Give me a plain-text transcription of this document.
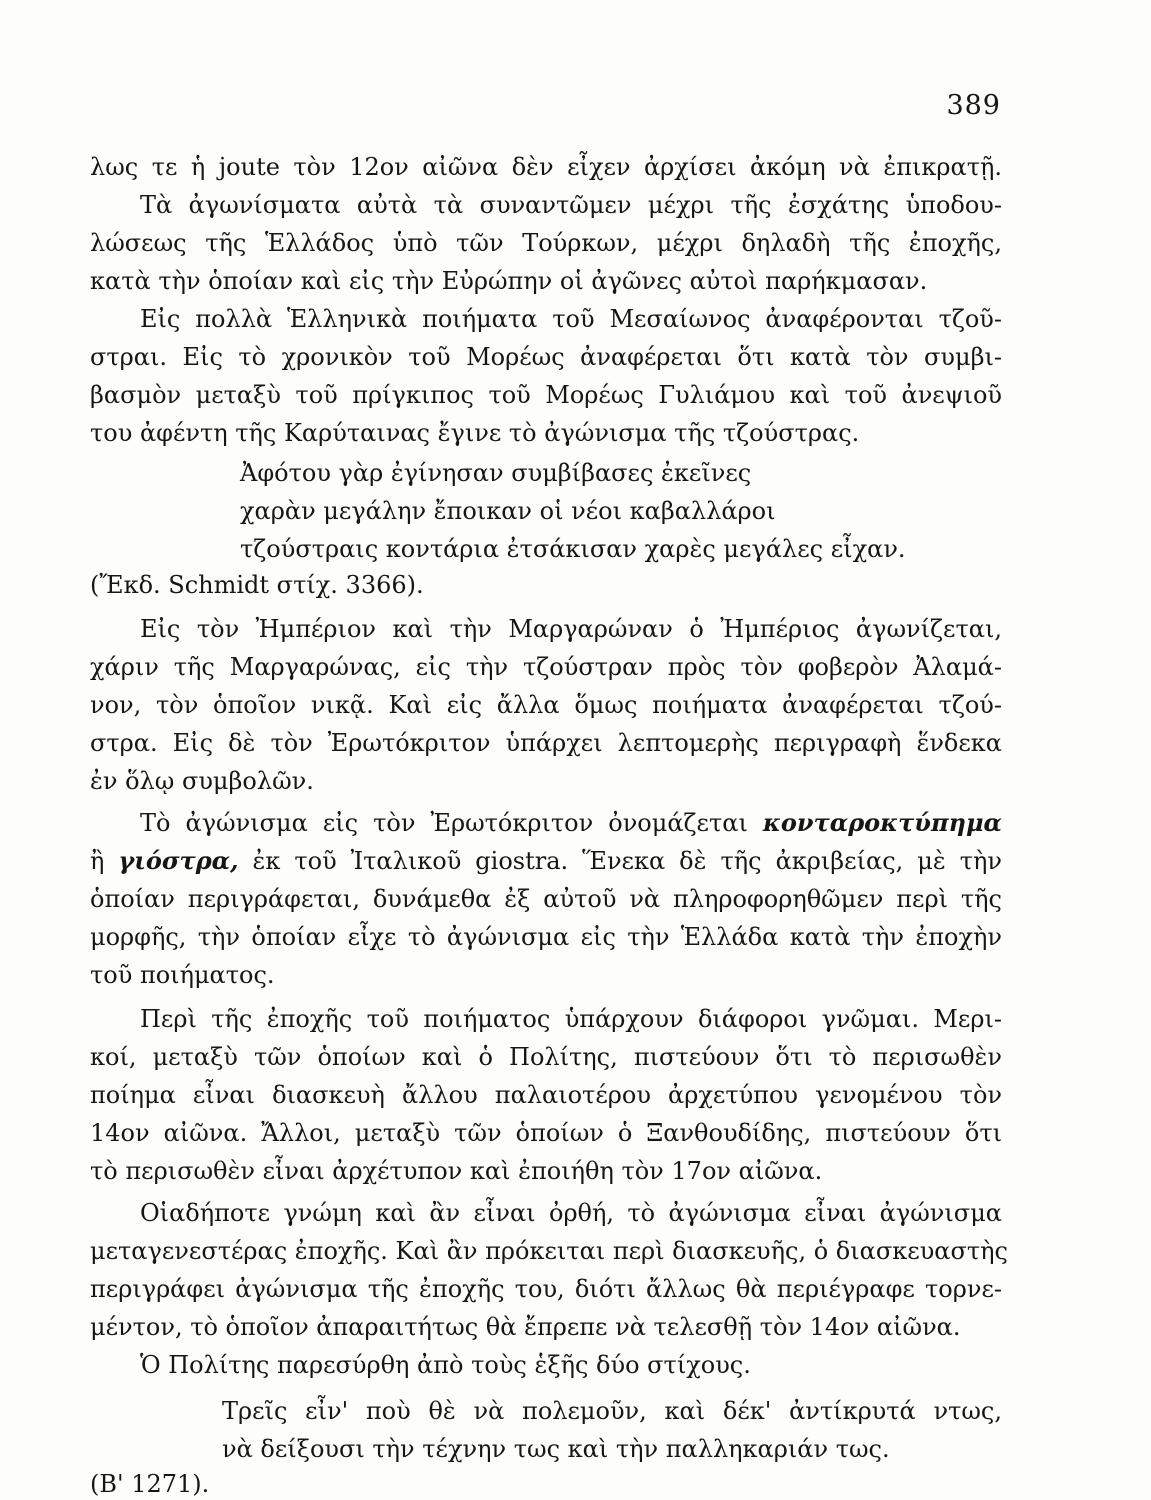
389
λως τε ἡ joute τὸν 12ον αἰῶνα δὲν εἶχεν ἀρχίσει ἀκόμη νὰ ἐπικρατῇ.
Τὰ ἀγωνίσματα αὐτὰ τὰ συναντῶμεν μέχρι τῆς ἐσχάτης ὑποδου-
λώσεως τῆς Ἑλλάδος ὑπὸ τῶν Τούρκων, μέχρι δηλαδὴ τῆς ἐποχῆς,
κατὰ τὴν ὁποίαν καὶ εἰς τὴν Εὐρώπην οἱ ἀγῶνες αὐτοὶ παρήκμασαν.
Εἰς πολλὰ Ἑλληνικὰ ποιήματα τοῦ Μεσαίωνος ἀναφέρονται τζοῦ-
στραι. Εἰς τὸ χρονικὸν τοῦ Μορέως ἀναφέρεται ὅτι κατὰ τὸν συμβι-
βασμὸν μεταξὺ τοῦ πρίγκιπος τοῦ Μορέως Γυλιάμου καὶ τοῦ ἀνεψιοῦ
του ἀφέντη τῆς Καρύταινας ἔγινε τὸ ἀγώνισμα τῆς τζούστρας.
Ἀφότου γὰρ ἐγίνησαν συμβίβασες ἐκεῖνες
χαρὰν μεγάλην ἔποικαν οἱ νέοι καβαλλάροι
τζούστραις κοντάρια ἐτσάκισαν χαρὲς μεγάλες εἶχαν.
(Ἔκδ. Schmidt στίχ. 3366).
Εἰς τὸν Ἠμπέριον καὶ τὴν Μαργαρώναν ὁ Ἠμπέριος ἀγωνίζεται,
χάριν τῆς Μαργαρώνας, εἰς τὴν τζούστραν πρὸς τὸν φοβερὸν Ἀλαμά-
νον, τὸν ὁποῖον νικᾷ. Καὶ εἰς ἄλλα ὅμως ποιήματα ἀναφέρεται τζού-
στρα. Εἰς δὲ τὸν Ἐρωτόκριτον ὑπάρχει λεπτομερὴς περιγραφὴ ἕνδεκα
ἐν ὅλῳ συμβολῶν.
Τὸ ἀγώνισμα εἰς τὸν Ἐρωτόκριτον ὀνομάζεται κονταροκτύπημα
ἢ γιόστρα, ἐκ τοῦ Ἰταλικοῦ giostra. Ἕνεκα δὲ τῆς ἀκριβείας, μὲ τὴν
ὁποίαν περιγράφεται, δυνάμεθα ἐξ αὐτοῦ νὰ πληροφορηθῶμεν περὶ τῆς
μορφῆς, τὴν ὁποίαν εἶχε τὸ ἀγώνισμα εἰς τὴν Ἑλλάδα κατὰ τὴν ἐποχὴν
τοῦ ποιήματος.
Περὶ τῆς ἐποχῆς τοῦ ποιήματος ὑπάρχουν διάφοροι γνῶμαι. Μερι-
κοί, μεταξὺ τῶν ὁποίων καὶ ὁ Πολίτης, πιστεύουν ὅτι τὸ περισωθὲν
ποίημα εἶναι διασκευὴ ἄλλου παλαιοτέρου ἀρχετύπου γενομένου τὸν
14ον αἰῶνα. Ἄλλοι, μεταξὺ τῶν ὁποίων ὁ Ξανθουδίδης, πιστεύουν ὅτι
τὸ περισωθὲν εἶναι ἀρχέτυπον καὶ ἐποιήθη τὸν 17ον αἰῶνα.
Οἱαδήποτε γνώμη καὶ ἂν εἶναι ὀρθή, τὸ ἀγώνισμα εἶναι ἀγώνισμα
μεταγενεστέρας ἐποχῆς. Καὶ ἂν πρόκειται περὶ διασκευῆς, ὁ διασκευαστὴς
περιγράφει ἀγώνισμα τῆς ἐποχῆς του, διότι ἄλλως θὰ περιέγραφε τορνε-
μέντον, τὸ ὁποῖον ἀπαραιτήτως θὰ ἔπρεπε νὰ τελεσθῇ τὸν 14ον αἰῶνα.
Ὁ Πολίτης παρεσύρθη ἀπὸ τοὺς ἑξῆς δύο στίχους.
Τρεῖς εἶν' ποὺ θὲ νὰ πολεμοῦν, καὶ δέκ' ἀντίκρυτά ντως,
νὰ δείξουσι τὴν τέχνην τως καὶ τὴν παλληκαριάν τως.
(Β' 1271).
